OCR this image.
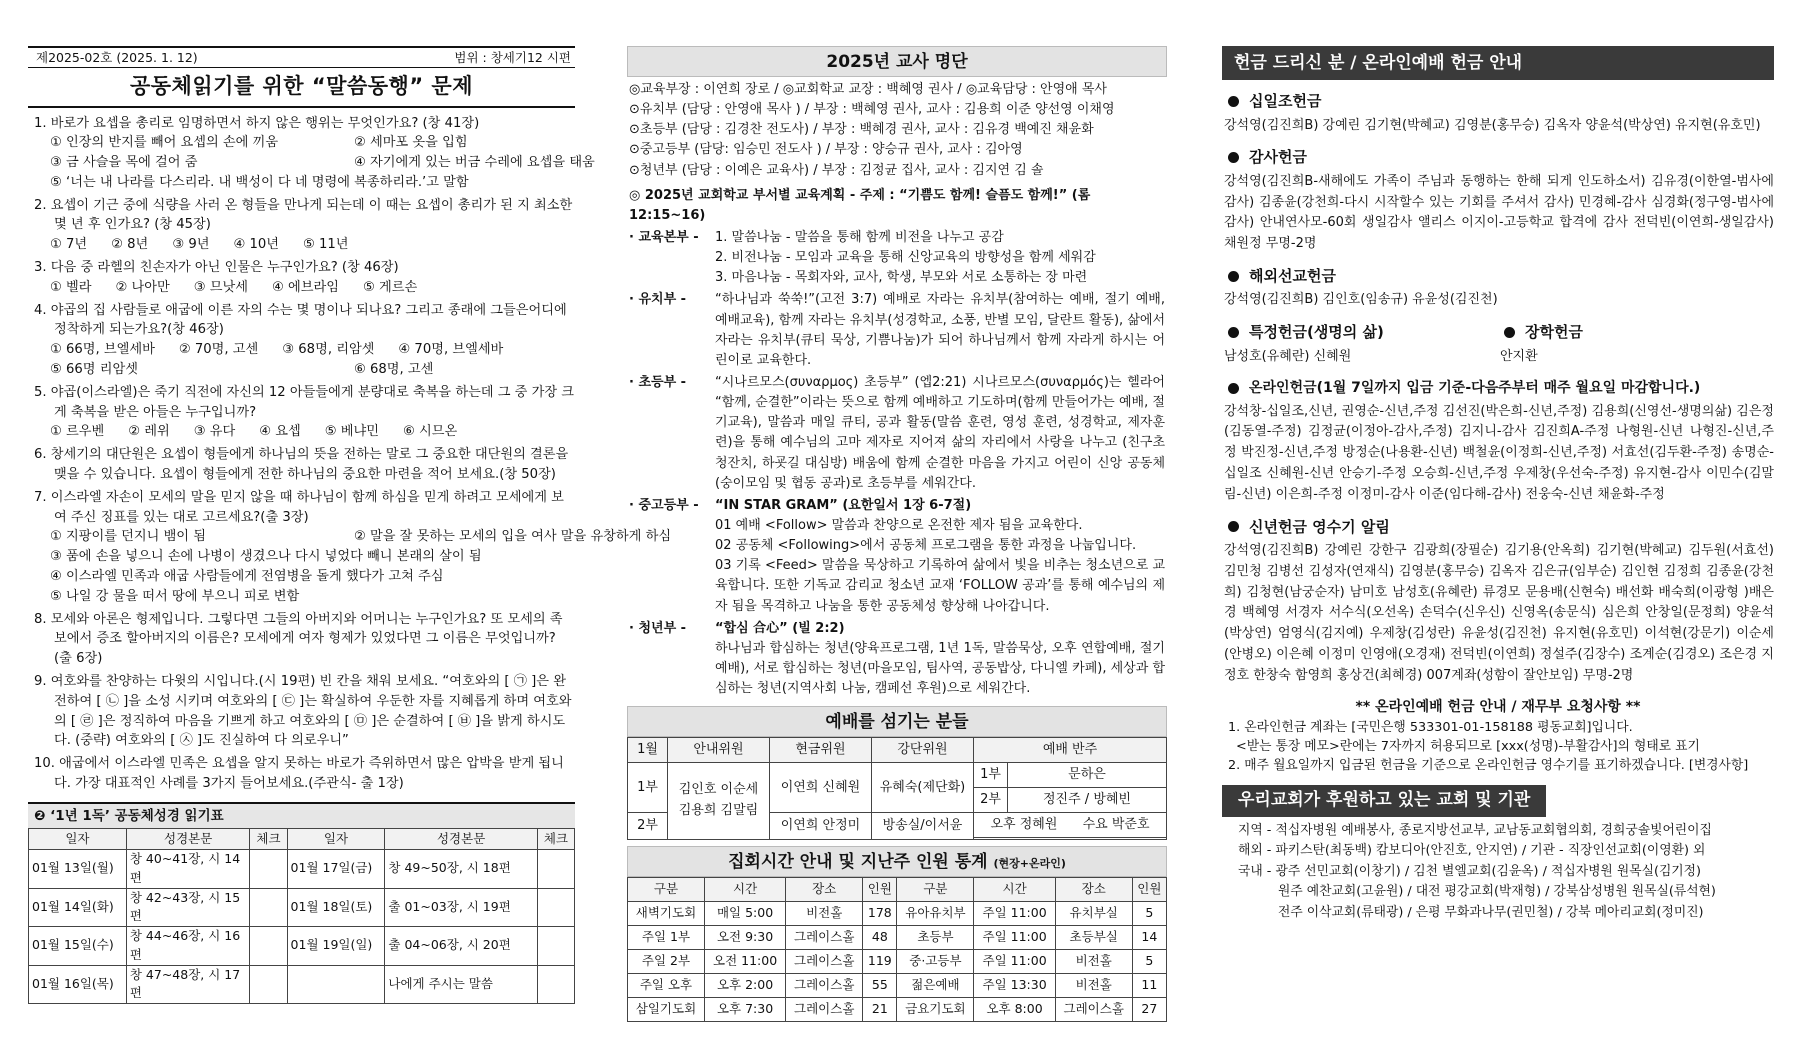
제2025-02호 (2025. 1. 12)	범위 : 창세기12 시편
공동체읽기를 위한 “말씀동행” 문제
1. 바로가 요셉을 총리로 임명하면서 하지 않은 행위는 무엇인가요? (창 41장)
① 인장의 반지를 빼어 요셉의 손에 끼움	② 세마포 옷을 입힘
③ 금 사슬을 목에 걸어 줌	④ 자기에게 있는 버금 수레에 요셉을 태움
⑤ ‘너는 내 나라를 다스리라. 내 백성이 다 네 명령에 복종하리라.’고 말함
2. 요셉이 기근 중에 식량을 사러 온 형들을 만나게 되는데 이 때는 요셉이 총리가 된 지 최소한 몇 년 후 인가요? (창 45장)
① 7년 ② 8년 ③ 9년 ④ 10년 ⑤ 11년
3. 다음 중 라헬의 친손자가 아닌 인물은 누구인가요? (창 46장)
① 벨라 ② 나아만 ③ 므낫세 ④ 에브라임 ⑤ 게르손
4. 야곱의 집 사람들로 애굽에 이른 자의 수는 몇 명이나 되나요? 그리고 종래에 그들은어디에 정착하게 되는가요?(창 46장)
① 66명, 브엘세바 ② 70명, 고센 ③ 68명, 리암셋 ④ 70명, 브엘세바
⑤ 66명 리암셋	⑥ 68명, 고센
5. 야곱(이스라엘)은 죽기 직전에 자신의 12 아들들에게 분량대로 축복을 하는데 그 중 가장 크게 축복을 받은 아들은 누구입니까?
① 르우벤 ② 레위 ③ 유다 ④ 요셉 ⑤ 베냐민 ⑥ 시므온
6. 창세기의 대단원은 요셉이 형들에게 하나님의 뜻을 전하는 말로 그 중요한 대단원의 결론을 맺을 수 있습니다. 요셉이 형들에게 전한 하나님의 중요한 마련을 적어 보세요.(창 50장)
7. 이스라엘 자손이 모세의 말을 믿지 않을 때 하나님이 함께 하심을 믿게 하려고 모세에게 보여 주신 징표를 있는 대로 고르세요?(출 3장)
① 지팡이를 던지니 뱀이 됨	② 말을 잘 못하는 모세의 입을 여사 말을 유창하게 하심
③ 품에 손을 넣으니 손에 나병이 생겼으나 다시 넣었다 빼니 본래의 살이 됨
④ 이스라엘 민족과 애굽 사람들에게 전염병을 돌게 했다가 고쳐 주심
⑤ 나일 강 물을 떠서 땅에 부으니 피로 변함
8. 모세와 아론은 형제입니다. 그렇다면 그들의 아버지와 어머니는 누구인가요? 또 모세의 족보에서 증조 할아버지의 이름은? 모세에게 여자 형제가 있었다면 그 이름은 무엇입니까? (출 6장)
9. 여호와를 찬양하는 다윗의 시입니다.(시 19편) 빈 칸을 채워 보세요. “여호와의 [ ㉠ ]은 완전하여 [ ㉡ ]을 소성 시키며 여호와의 [ ㉢ ]는 확실하여 우둔한 자를 지혜롭게 하며 여호와의 [ ㉣ ]은 정직하여 마음을 기쁘게 하고 여호와의 [ ㉤ ]은 순결하여 [ ㉥ ]을 밝게 하시도다. (중략) 여호와의 [ ㉦ ]도 진실하여 다 의로우니”
10. 애굽에서 이스라엘 민족은 요셉을 알지 못하는 바로가 즉위하면서 많은 압박을 받게 됩니다. 가장 대표적인 사례를 3가지 들어보세요.(주관식- 출 1장)
❷ ‘1년 1독’ 공동체성경 읽기표
일자	성경본문	체크	일자	성경본문	체크
01월 13일(월)	창 40~41장, 시 14편		01월 17일(금)	창 49~50장, 시 18편	
01월 14일(화)	창 42~43장, 시 15편		01월 18일(토)	출 01~03장, 시 19편	
01월 15일(수)	창 44~46장, 시 16편		01월 19일(일)	출 04~06장, 시 20편	
01월 16일(목)	창 47~48장, 시 17편			나에게 주시는 말씀	
2025년 교사 명단
◎교육부장 : 이연희 장로 / ◎교회학교 교장 : 백혜영 권사 / ◎교육담당 : 안영애 목사
⊙유치부 (담당 : 안영애 목사 ) / 부장 : 백혜영 권사, 교사 : 김용희 이준 양선영 이채영
⊙초등부 (담당 : 김경찬 전도사) / 부장 : 백혜경 권사, 교사 : 김유경 백예진 채윤화
⊙중고등부 (담당: 임승민 전도사 ) / 부장 : 양승규 권사, 교사 : 김아영
⊙청년부 (담당 : 이예은 교육사) / 부장 : 김정균 집사, 교사 : 김지연 김 솔
◎ 2025년 교회학교 부서별 교육계획 - 주제 : “기쁨도 함께! 슬픔도 함께!” (롬12:15~16)
· 교육본부 -	1. 말씀나눔 - 말씀을 통해 함께 비전을 나누고 공감
2. 비전나눔 - 모임과 교육을 통해 신앙교육의 방향성을 함께 세워감
3. 마음나눔 - 목회자와, 교사, 학생, 부모와 서로 소통하는 장 마련
· 유치부 -	“하나님과 쑥쑥!”(고전 3:7) 예배로 자라는 유치부(참여하는 예배, 절기 예배, 예배교육), 함께 자라는 유치부(성경학교, 소풍, 반별 모임, 달란트 활동), 삶에서 자라는 유치부(큐티 묵상, 기쁨나눔)가 되어 하나님께서 함께 자라게 하시는 어린이로 교육한다.
· 초등부 -	“시나르모스(συναρμος) 초등부” (엡2:21) 시나르모스(συναρμός)는 헬라어 “함께, 순결한”이라는 뜻으로 함께 예배하고 기도하며(함께 만들어가는 예배, 절기교육), 말씀과 매일 큐티, 공과 활동(말씀 훈련, 영성 훈련, 성경학교, 제자훈련)을 통해 예수님의 고마 제자로 지어져 삶의 자리에서 사랑을 나누고 (친구초청잔치, 하굣길 대심방) 배움에 함께 순결한 마음을 가지고 어린이 신앙 공동체(숭이모임 및 협동 공과)로 초등부를 세워간다.
· 중고등부 -	“IN STAR GRAM” (요한일서 1장 6-7절)
01 예배 <Follow> 말씀과 찬양으로 온전한 제자 됨을 교육한다.
02 공동체 <Following>에서 공동체 프로그램을 통한 과정을 나눕입니다.
03 기록 <Feed> 말씀을 묵상하고 기록하여 삶에서 빛을 비추는 청소년으로 교육합니다. 또한 기독교 감리교 청소년 교재 ‘FOLLOW 공과’를 통해 예수님의 제자 됨을 목격하고 나눔을 통한 공동체성 향상해 나아갑니다.
· 청년부 -	“합심 合心” (빌 2:2)
하나님과 합심하는 청년(양육프로그램, 1년 1독, 말씀묵상, 오후 연합예배, 절기예배), 서로 합심하는 청년(마을모임, 팀사역, 공동밥상, 다니엘 카페), 세상과 합심하는 청년(지역사회 나눔, 캠페선 후원)으로 세워간다.
예배를 섬기는 분들
1월	안내위원	현금위원	강단위원	예배 반주	
1부	김인호 이순세 김용희 김말림	이연희 신혜원	유혜숙(제단화)	1부	문하은
				2부	정진주 / 방혜빈
2부		이연희 안정미	방송실/이서윤	오후 정혜원 수요 박준호	

집회시간 안내 및 지난주 인원 통계 (현장+온라인)
구분	시간	장소	인원	구분	시간	장소	인원
새벽기도회	매일 5:00	비전홀	178	유아유치부	주일 11:00	유치부실	5
주일 1부	오전 9:30	그레이스홀	48	초등부	주일 11:00	초등부실	14
주일 2부	오전 11:00	그레이스홀	119	중·고등부	주일 11:00	비전홀	5
주일 오후	오후 2:00	그레이스홀	55	젊은예배	주일 13:30	비전홀	11
삼일기도회	오후 7:30	그레이스홀	21	금요기도회	오후 8:00	그레이스홀	27
헌금 드리신 분 / 온라인예배 헌금 안내
십일조헌금
강석영(김진희B) 강예린 김기현(박혜교) 김영분(홍무승) 김옥자 양윤석(박상연) 유지현(유호민)
감사헌금
강석영(김진희B-새해에도 가족이 주님과 동행하는 한해 되게 인도하소서) 김유경(이한열-범사에 감사) 김종윤(강천희-다시 시작할수 있는 기회를 주셔서 감사) 민경혜-감사 심경화(정구영-범사에 감사) 안내연사모-60회 생일감사 앨리스 이지이-고등학교 합격에 감사 전덕빈(이연희-생일감사) 채원정 무명-2명
해외선교헌금
강석영(김진희B) 김인호(임송규) 유윤성(김진천)
특정헌금(생명의 삶)
남성호(유혜란) 신혜원
장학헌금
안지환
온라인헌금(1월 7일까지 입금 기준-다음주부터 매주 월요일 마감합니다.)
강석창-십일조,신년, 권영순-신년,주정 김선진(박은희-신년,주정) 김용희(신영선-생명의삶) 김은정(김동열-주정) 김정균(이정아-감사,주정) 김지니-감사 김진희A-주정 나형원-신년 나형진-신년,주정 박진정-신년,주정 방정순(나용환-신년) 백철윤(이정희-신년,주정) 서효선(김두환-주정) 송명순-십일조 신혜원-신년 안승기-주정 오승희-신년,주정 우제창(우선숙-주정) 유지현-감사 이민수(김말림-신년) 이은희-주정 이정미-감사 이준(임다해-감사) 전웅숙-신년 채윤화-주정
신년헌금 영수기 알림
강석영(김진희B) 강예린 강한구 김광희(장필순) 김기용(안옥희) 김기현(박혜교) 김두원(서효선) 김민청 김병선 김성자(연재식) 김영분(홍무승) 김옥자 김은규(임부순) 김인현 김정희 김종윤(강천희) 김청현(남궁순자) 남미호 남성호(유혜란) 류경모 문용배(신현숙) 배선화 배숙희(이광형 )배은경 백혜영 서경자 서수식(오선옥) 손덕수(신우신) 신영옥(송문식) 심은희 안창일(문정희) 양윤석(박상연) 엄영식(김지예) 우제창(김성란) 유윤성(김진천) 유지현(유호민) 이석현(강문기) 이순세(안병오) 이은혜 이정미 인영애(오경재) 전덕빈(이연희) 정설주(김장수) 조계순(김경오) 조은경 지정호 한창숙 함영희 홍상건(최혜경) 007계좌(성함이 잘안보임) 무명-2명
** 온라인예배 헌금 안내 / 재무부 요청사항 **
1. 온라인헌금 계좌는 [국민은행 533301-01-158188 평동교회]입니다.
<받는 통장 메모>란에는 7자까지 허용되므로 [xxx(성명)-부활감사]의 형태로 표기
2. 매주 월요일까지 입금된 헌금을 기준으로 온라인헌금 영수기를 표기하겠습니다. [변경사항]
우리교회가 후원하고 있는 교회 및 기관
지역 - 적십자병원 예배봉사, 종로지방선교부, 교남동교회협의회, 경희궁솔빛어린이집
해외 - 파키스탄(최동백) 캄보디아(안진호, 안지연) / 기관 - 직장인선교회(이영환) 외
국내 - 광주 선민교회(이창기) / 김천 별엘교회(김윤옥) / 적십자병원 원목실(김기정)
원주 예찬교회(고윤원) / 대전 평강교회(박재형) / 강북삼성병원 원목실(류석현)
전주 이삭교회(류태광) / 은평 무화과나무(권민철) / 강북 메아리교회(정미진)
